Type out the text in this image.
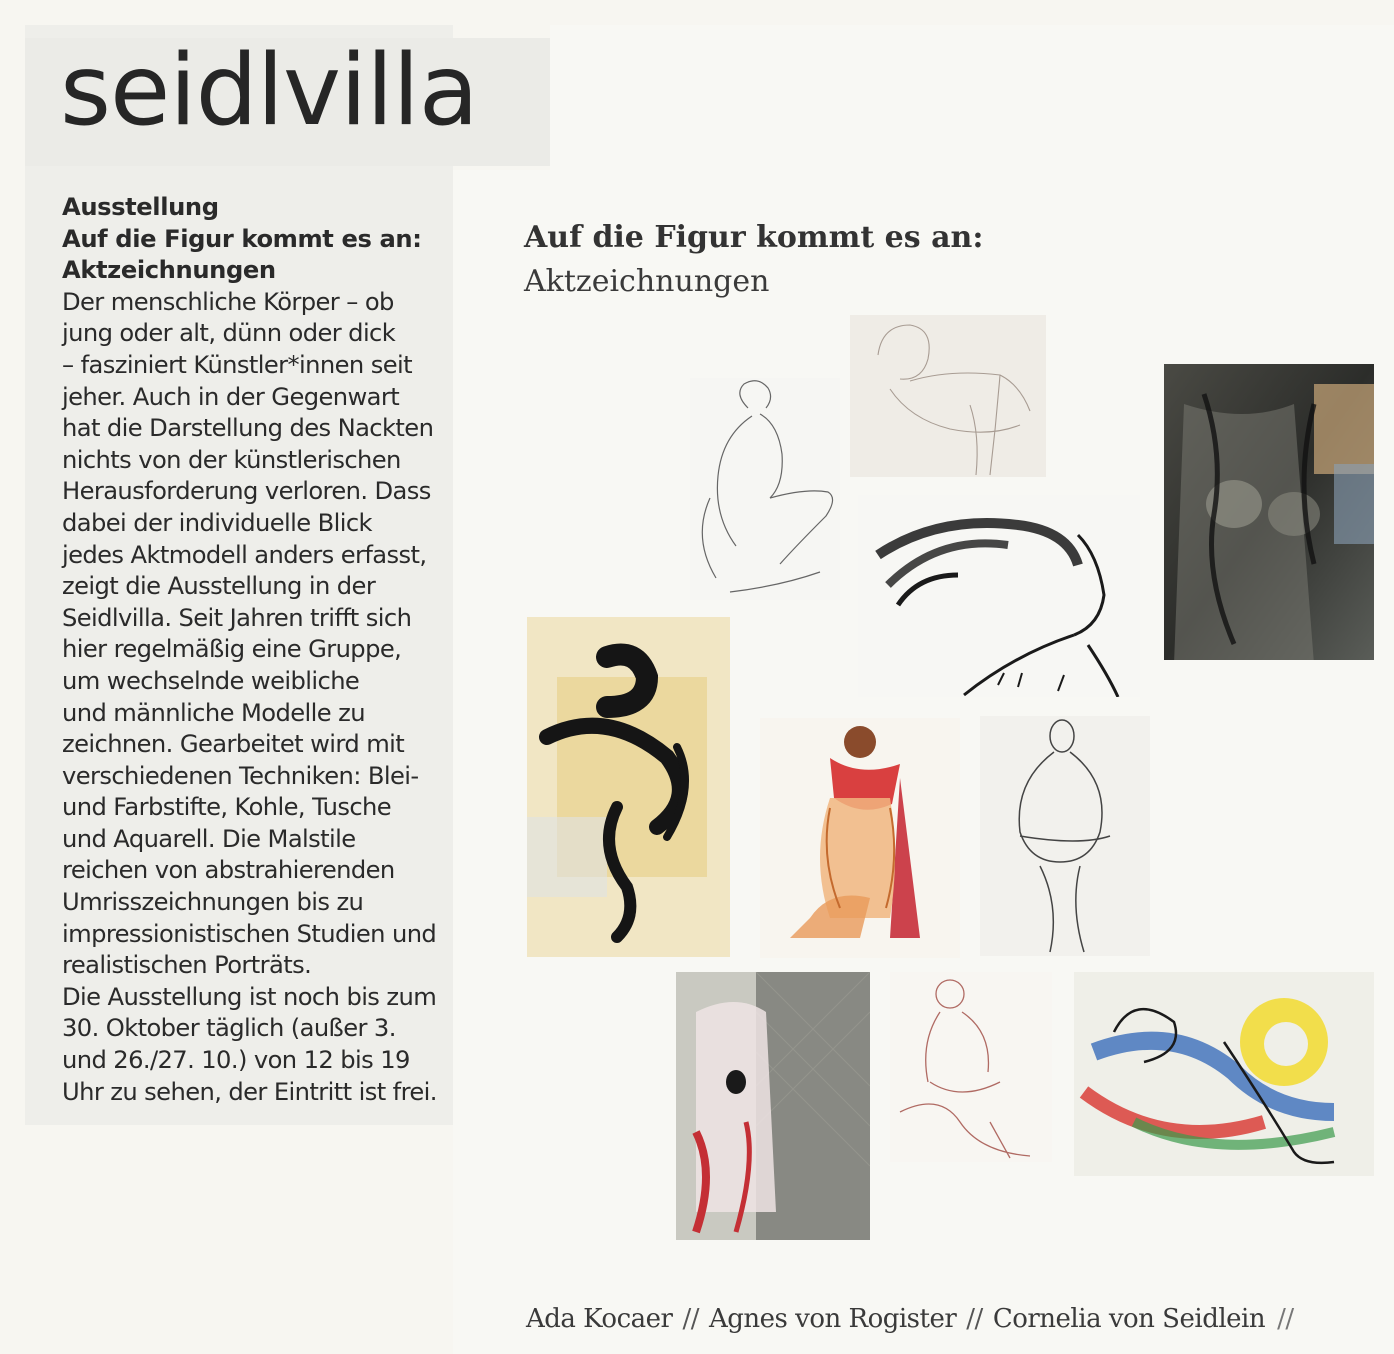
seidlvilla
Ausstellung
Auf die Figur kommt es an:
Aktzeichnungen
Der menschliche Körper – ob
jung oder alt, dünn oder dick
– fasziniert Künstler*innen seit
jeher. Auch in der Gegenwart
hat die Darstellung des Nackten
nichts von der künstlerischen
Herausforderung verloren. Dass
dabei der individuelle Blick
jedes Aktmodell anders erfasst,
zeigt die Ausstellung in der
Seidlvilla. Seit Jahren trifft sich
hier regelmäßig eine Gruppe,
um wechselnde weibliche
und männliche Modelle zu
zeichnen. Gearbeitet wird mit
verschiedenen Techniken: Blei-
und Farbstifte, Kohle, Tusche
und Aquarell. Die Malstile
reichen von abstrahierenden
Umrisszeichnungen bis zu
impressionistischen Studien und
realistischen Porträts.
Die Ausstellung ist noch bis zum
30. Oktober täglich (außer 3.
und 26./27. 10.) von 12 bis 19
Uhr zu sehen, der Eintritt ist frei.
Auf die Figur kommt es an:
Aktzeichnungen
Ada Kocaer // Agnes von Rogister // Cornelia von Seidlein //
